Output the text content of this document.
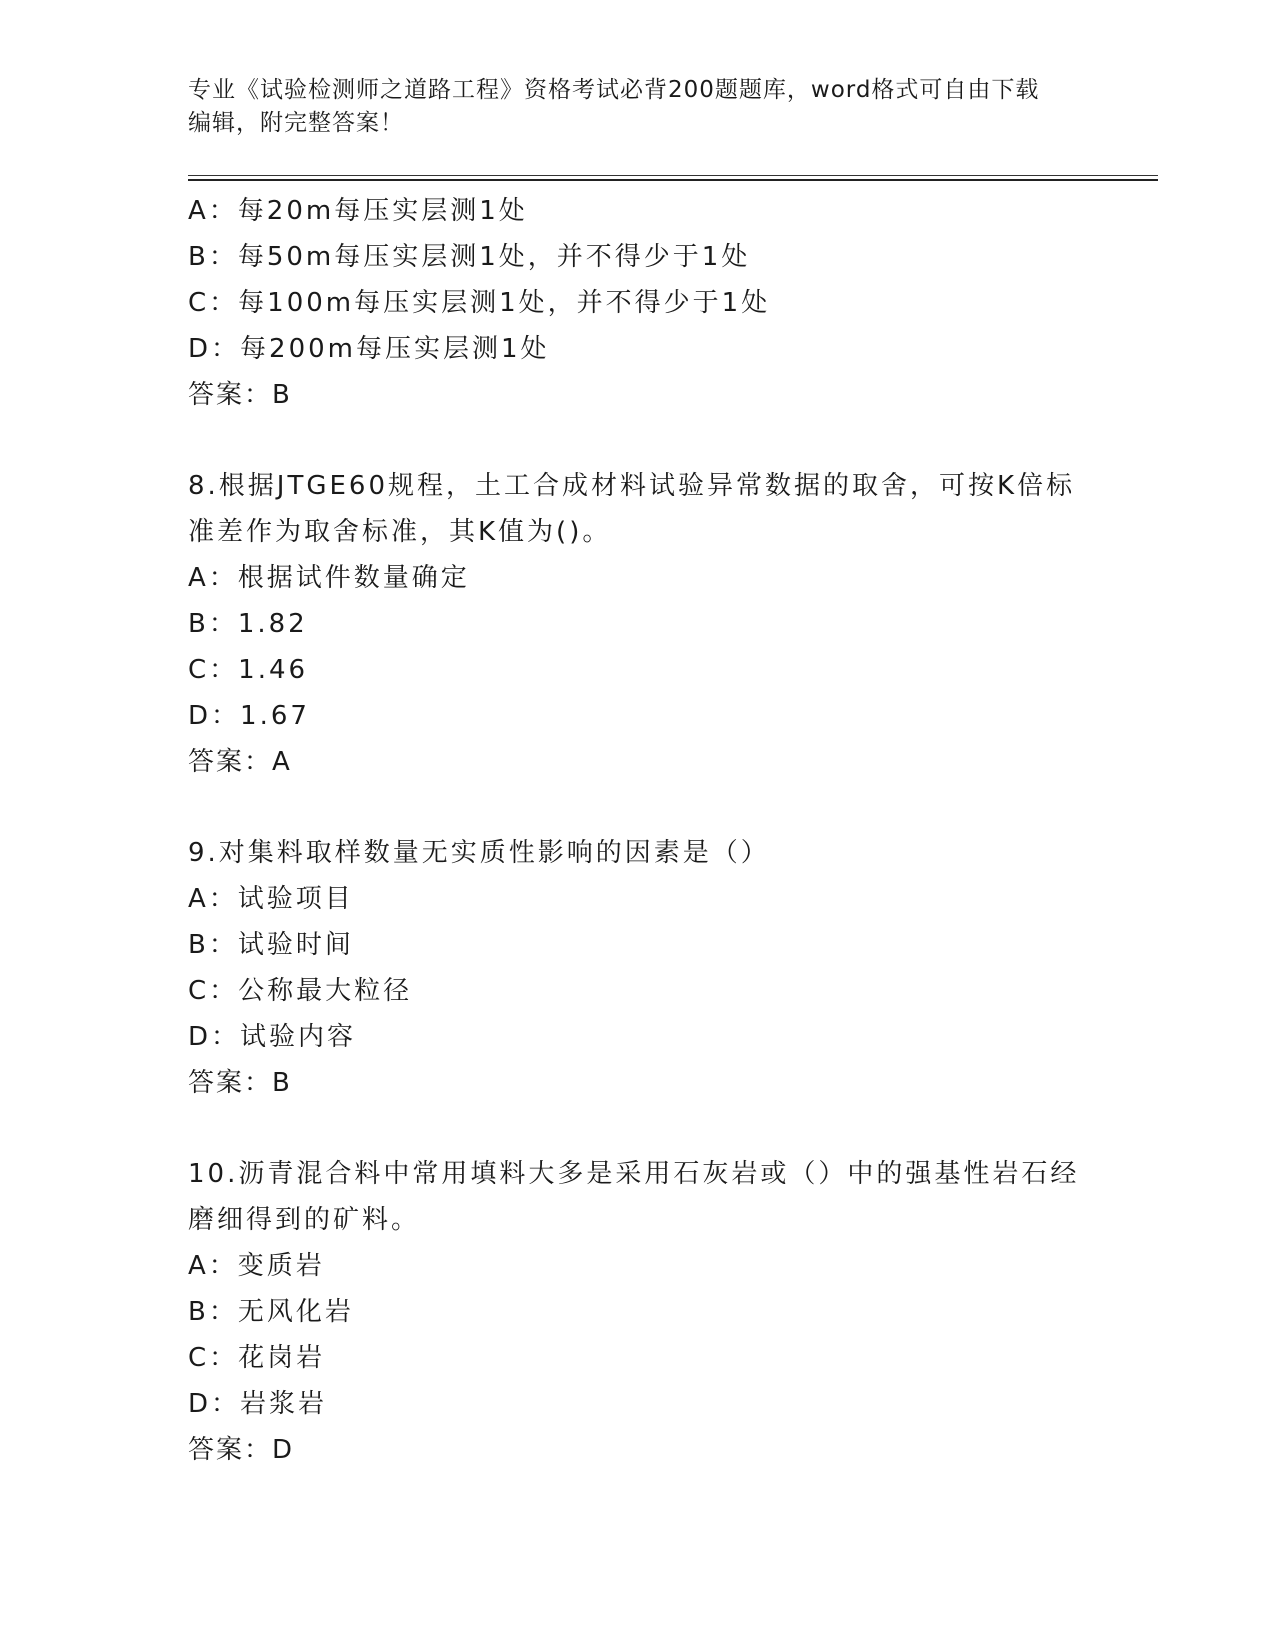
专业《试验检测师之道路工程》资格考试必背200题题库，word格式可自由下载
编辑，附完整答案！
A：每20m每压实层测1处
B：每50m每压实层测1处，并不得少于1处
C：每100m每压实层测1处，并不得少于1处
D：每200m每压实层测1处
答案：B
8.根据JTGE60规程，土工合成材料试验异常数据的取舍，可按K倍标
准差作为取舍标准，其K值为()。
A：根据试件数量确定
B：1.82
C：1.46
D：1.67
答案：A
9.对集料取样数量无实质性影响的因素是（）
A：试验项目
B：试验时间
C：公称最大粒径
D：试验内容
答案：B
10.沥青混合料中常用填料大多是采用石灰岩或（）中的强基性岩石经
磨细得到的矿料。
A：变质岩
B：无风化岩
C：花岗岩
D：岩浆岩
答案：D
